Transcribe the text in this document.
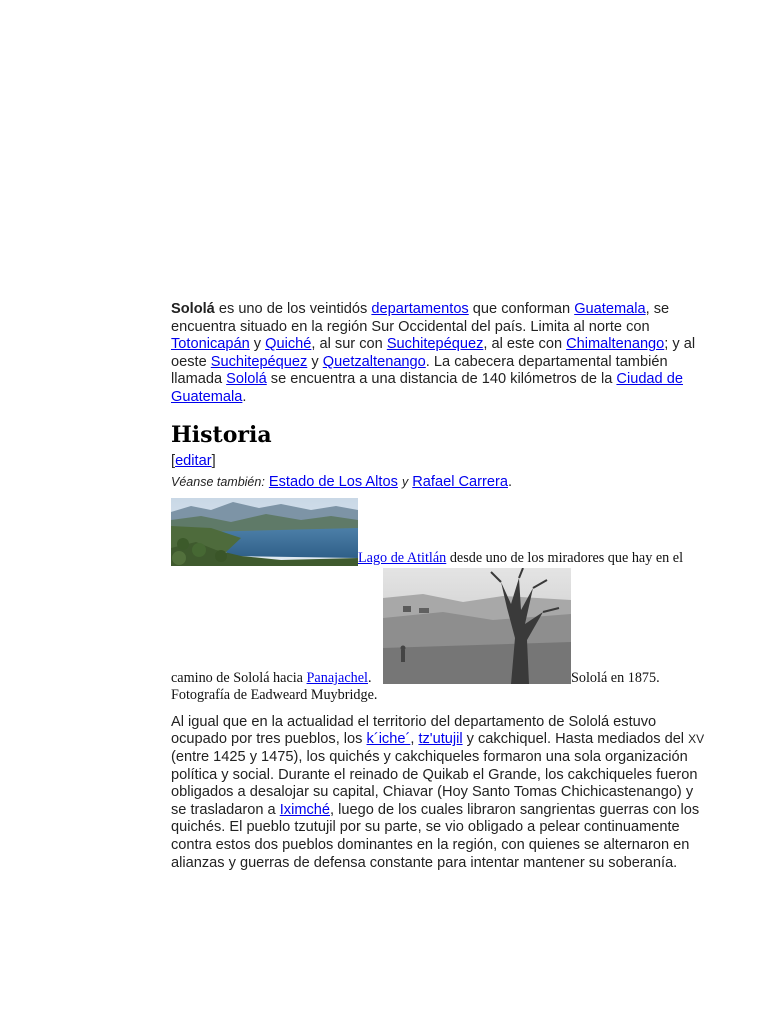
Sololá es uno de los veintidós departamentos que conforman Guatemala, se encuentra situado en la región Sur Occidental del país. Limita al norte con Totonicapán y Quiché, al sur con Suchitepéquez, al este con Chimaltenango; y al oeste Suchitepéquez y Quetzaltenango. La cabecera departamental también llamada Sololá se encuentra a una distancia de 140 kilómetros de la Ciudad de Guatemala.

Historia

[editar]

Véanse también: Estado de Los Altos y Rafael Carrera.

Lago de Atitlán desde uno de los miradores que hay en el
camino de Sololá hacia Panajachel.	Sololá en 1875.
Fotografía de Eadweard Muybridge.

Al igual que en la actualidad el territorio del departamento de Sololá estuvo ocupado por tres pueblos, los k´iche´, tz'utujil y cakchiquel. Hasta mediados del XV (entre 1425 y 1475), los quichés y cakchiqueles formaron una sola organización política y social. Durante el reinado de Quikab el Grande, los cakchiqueles fueron obligados a desalojar su capital, Chiavar (Hoy Santo Tomas Chichicastenango) y se trasladaron a Iximché, luego de los cuales libraron sangrientas guerras con los quichés. El pueblo tzutujil por su parte, se vio obligado a pelear continuamente contra estos dos pueblos dominantes en la región, con quienes se alternaron en alianzas y guerras de defensa constante para intentar mantener su soberanía.
